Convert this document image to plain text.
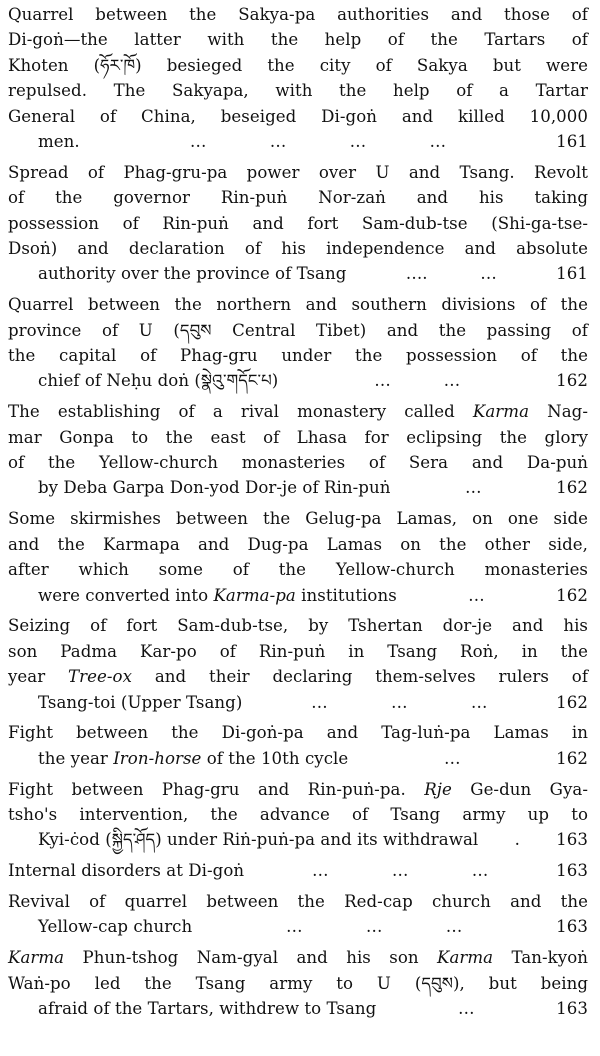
Quarrel between the Sakya-pa authorities and those of
Di-goṅ—the latter with the help of the Tartars of
Khoten (ཧོར་ཁོ) besieged the city of Sakya but were
repulsed. The Sakyapa, with the help of a Tartar
General of China, beseiged Di-goṅ and killed 10,000
men.	…            …            …            …	161
Spread of Phag-gru-pa power over U and Tsang. Revolt
of the governor Rin-puṅ Nor-zaṅ and his taking
possession of Rin-puṅ and fort Sam-dub-tse (Shi-ga-tse-
Dsoṅ) and declaration of his independence and absolute
authority over the province of Tsang	….          …	161
Quarrel between the northern and southern divisions of the
province of U (དབུས Central Tibet) and the passing of
the capital of Phag-gru under the possession of the
chief of Neḥu doṅ (སྣེའུ་གདོང་པ)	…          …	162
The establishing of a rival monastery called Karma Nag-
mar Gonpa to the east of Lhasa for eclipsing the glory
of the Yellow-church monasteries of Sera and Da-puṅ
by Deba Garpa Don-yod Dor-je of Rin-puṅ	…	162
Some skirmishes between the Gelug-pa Lamas, on one side
and the Karmapa and Dug-pa Lamas on the other side,
after which some of the Yellow-church monasteries
were converted into Karma-pa institutions	…	162
Seizing of fort Sam-dub-tse, by Tshertan dor-je and his
son Padma Kar-po of Rin-puṅ in Tsang Roṅ, in the
year Tree-ox and their declaring them-selves rulers of
Tsang-toi (Upper Tsang)	…            …            …	162
Fight between the Di-goṅ-pa and Tag-luṅ-pa Lamas in
the year Iron-horse of the 10th cycle	…	162
Fight between Phag-gru and Rin-puṅ-pa. Rje Ge-dun Gya-
tsho's intervention, the advance of Tsang army up to
Kyi-ċod (སྐྱིད་ཤོད) under Riṅ-puṅ-pa and its withdrawal . 163
Internal disorders at Di-goṅ	…            …            …	163
Revival of quarrel between the Red-cap church and the
Yellow-cap church	…            …            …	163
Karma Phun-tshog Nam-gyal and his son Karma Tan-kyoṅ
Waṅ-po led the Tsang army to U (དབུས), but being
afraid of the Tartars, withdrew to Tsang	…	163
